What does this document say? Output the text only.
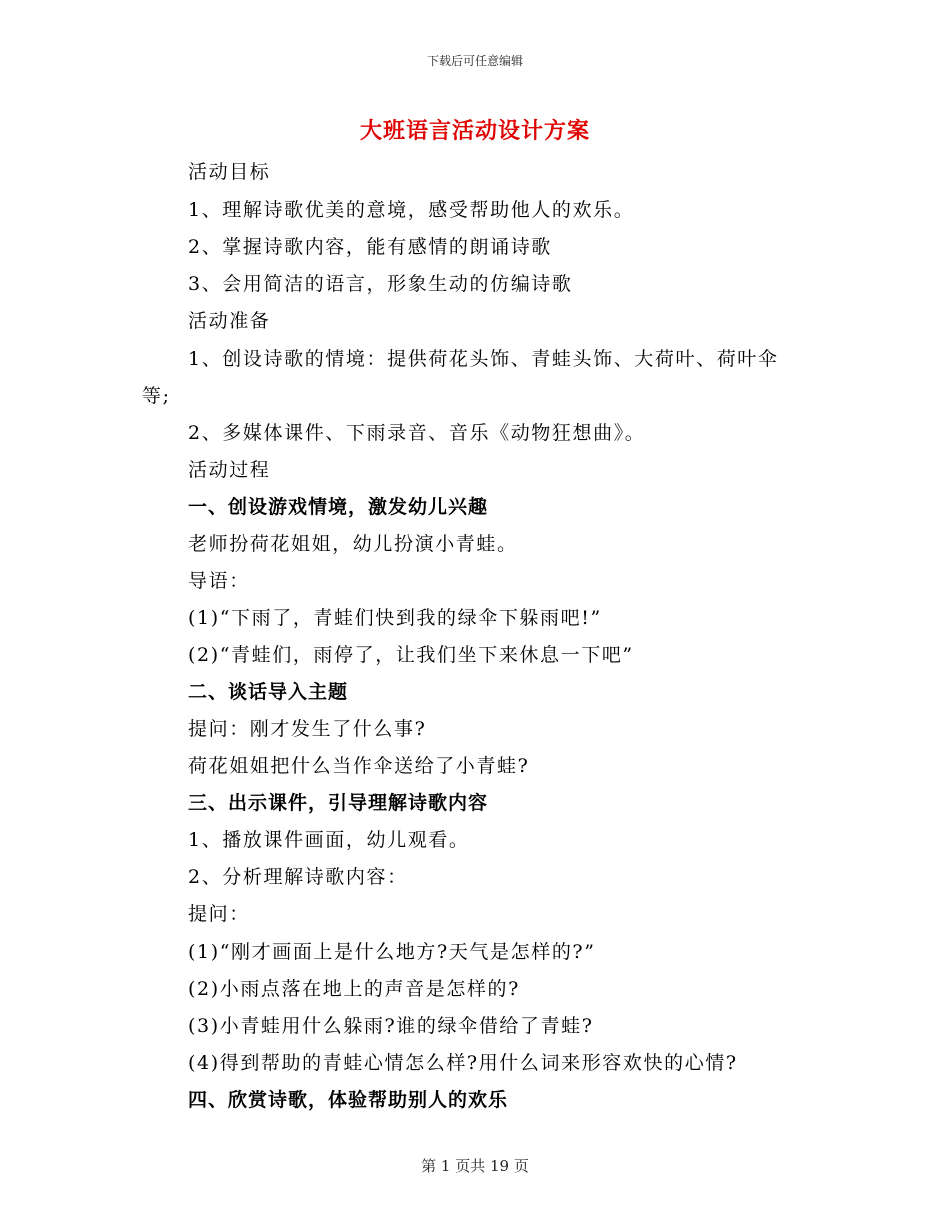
下载后可任意编辑
大班语言活动设计方案
活动目标
1、理解诗歌优美的意境，感受帮助他人的欢乐。
2、掌握诗歌内容，能有感情的朗诵诗歌
3、会用简洁的语言，形象生动的仿编诗歌
活动准备
1、创设诗歌的情境：提供荷花头饰、青蛙头饰、大荷叶、荷叶伞
等;
2、多媒体课件、下雨录音、音乐《动物狂想曲》。
活动过程
一、创设游戏情境，激发幼儿兴趣
老师扮荷花姐姐，幼儿扮演小青蛙。
导语：
(1)“下雨了，青蛙们快到我的绿伞下躲雨吧!”
(2)“青蛙们，雨停了，让我们坐下来休息一下吧”
二、谈话导入主题
提问：刚才发生了什么事?
荷花姐姐把什么当作伞送给了小青蛙?
三、出示课件，引导理解诗歌内容
1、播放课件画面，幼儿观看。
2、分析理解诗歌内容：
提问：
(1)“刚才画面上是什么地方?天气是怎样的?”
(2)小雨点落在地上的声音是怎样的?
(3)小青蛙用什么躲雨?谁的绿伞借给了青蛙?
(4)得到帮助的青蛙心情怎么样?用什么词来形容欢快的心情?
四、欣赏诗歌，体验帮助别人的欢乐
第 1 页共 19 页
